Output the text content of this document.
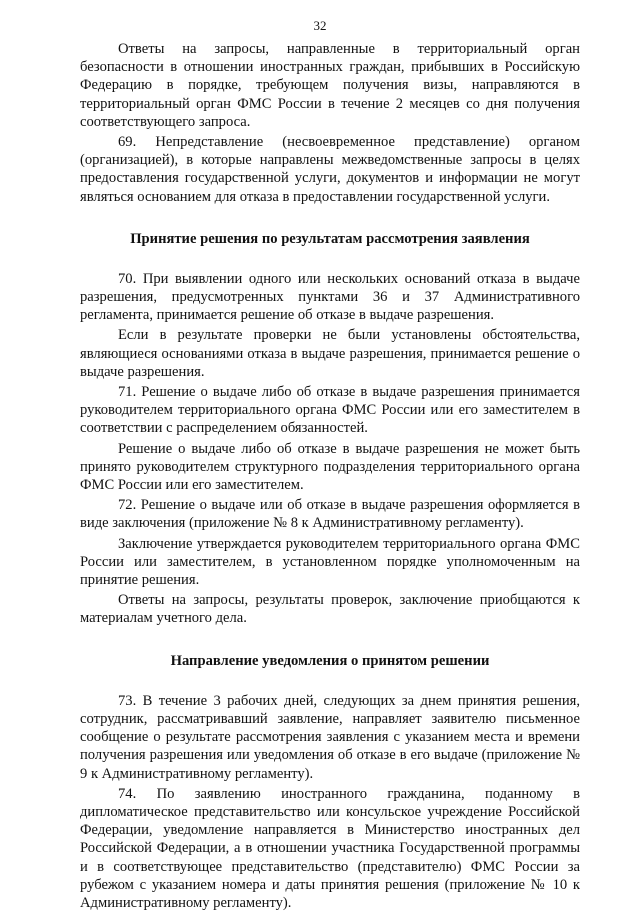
32

Ответы на запросы, направленные в территориальный орган безопасности в отношении иностранных граждан, прибывших в Российскую Федерацию в порядке, требующем получения визы, направляются в территориальный орган ФМС России в течение 2 месяцев со дня получения соответствующего запроса.

69. Непредставление (несвоевременное представление) органом (организацией), в которые направлены межведомственные запросы в целях предоставления государственной услуги, документов и информации не могут являться основанием для отказа в предоставлении государственной услуги.

Принятие решения по результатам рассмотрения заявления

70. При выявлении одного или нескольких оснований отказа в выдаче разрешения, предусмотренных пунктами 36 и 37 Административного регламента, принимается решение об отказе в выдаче разрешения.

Если в результате проверки не были установлены обстоятельства, являющиеся основаниями отказа в выдаче разрешения, принимается решение о выдаче разрешения.

71. Решение о выдаче либо об отказе в выдаче разрешения принимается руководителем территориального органа ФМС России или его заместителем в соответствии с распределением обязанностей.

Решение о выдаче либо об отказе в выдаче разрешения не может быть принято руководителем структурного подразделения территориального органа ФМС России или его заместителем.

72. Решение о выдаче или об отказе в выдаче разрешения оформляется в виде заключения (приложение № 8 к Административному регламенту).

Заключение утверждается руководителем территориального органа ФМС России или заместителем, в установленном порядке уполномоченным на принятие решения.

Ответы на запросы, результаты проверок, заключение приобщаются к материалам учетного дела.

Направление уведомления о принятом решении

73. В течение 3 рабочих дней, следующих за днем принятия решения, сотрудник, рассматривавший заявление, направляет заявителю письменное сообщение о результате рассмотрения заявления с указанием места и времени получения разрешения или уведомления об отказе в его выдаче (приложение № 9 к Административному регламенту).

74. По заявлению иностранного гражданина, поданному в дипломатическое представительство или консульское учреждение Российской Федерации, уведомление направляется в Министерство иностранных дел Российской Федерации, а в отношении участника Государственной программы и в соответствующее представительство (представителю) ФМС России за рубежом с указанием номера и даты принятия решения (приложение № 10 к Административному регламенту).
